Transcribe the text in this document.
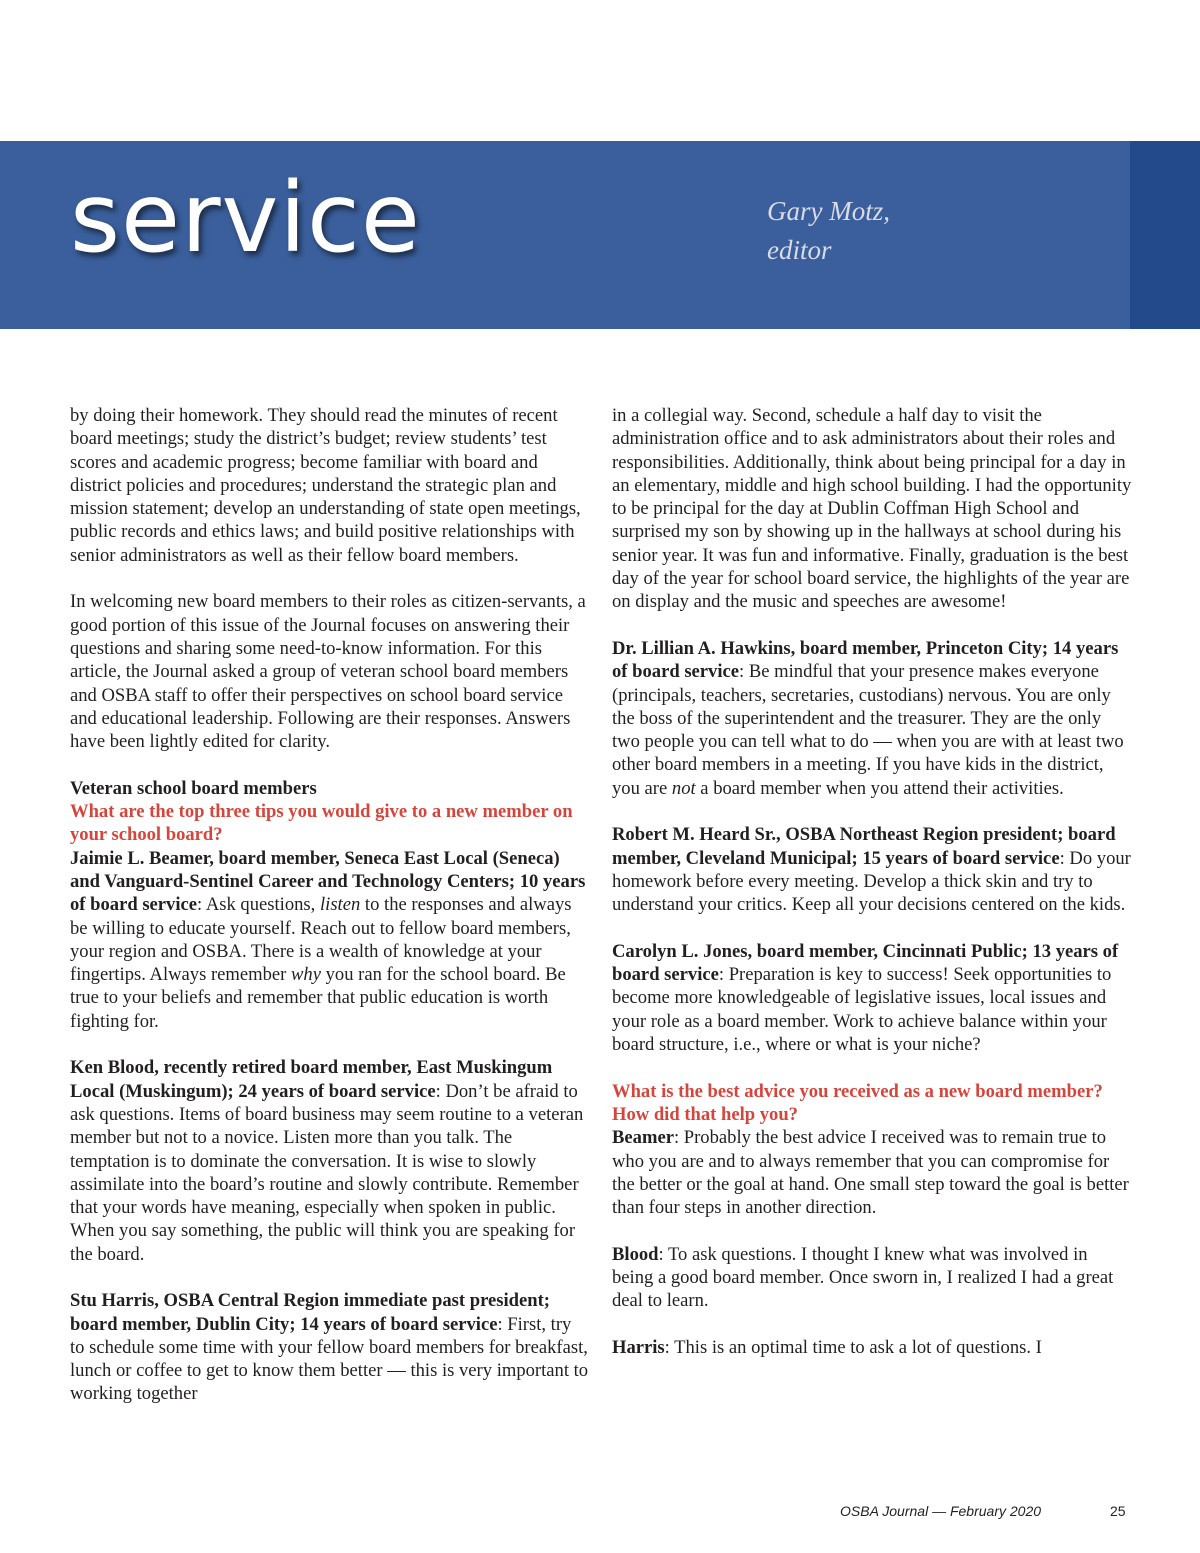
service	Gary Motz,
editor

by doing their homework. They should read the minutes of recent board meetings; study the district’s budget; review students’ test scores and academic progress; become familiar with board and district policies and procedures; understand the strategic plan and mission statement; develop an understanding of state open meetings, public records and ethics laws; and build positive relationships with senior administrators as well as their fellow board members.

In welcoming new board members to their roles as citizen-servants, a good portion of this issue of the Journal focuses on answering their questions and sharing some need-to-know information. For this article, the Journal asked a group of veteran school board members and OSBA staff to offer their perspectives on school board service and educational leadership. Following are their responses. Answers have been lightly edited for clarity.

Veteran school board members

What are the top three tips you would give to a new member on your school board?

Jaimie L. Beamer, board member, Seneca East Local (Seneca) and Vanguard-Sentinel Career and Technology Centers; 10 years of board service: Ask questions, listen to the responses and always be willing to educate yourself. Reach out to fellow board members, your region and OSBA. There is a wealth of knowledge at your fingertips. Always remember why you ran for the school board. Be true to your beliefs and remember that public education is worth fighting for.

Ken Blood, recently retired board member, East Muskingum Local (Muskingum); 24 years of board service: Don’t be afraid to ask questions. Items of board business may seem routine to a veteran member but not to a novice. Listen more than you talk. The temptation is to dominate the conversation. It is wise to slowly assimilate into the board’s routine and slowly contribute. Remember that your words have meaning, especially when spoken in public. When you say something, the public will think you are speaking for the board.

Stu Harris, OSBA Central Region immediate past president; board member, Dublin City; 14 years of board service: First, try to schedule some time with your fellow board members for breakfast, lunch or coffee to get to know them better — this is very important to working together

in a collegial way. Second, schedule a half day to visit the administration office and to ask administrators about their roles and responsibilities. Additionally, think about being principal for a day in an elementary, middle and high school building. I had the opportunity to be principal for the day at Dublin Coffman High School and surprised my son by showing up in the hallways at school during his senior year. It was fun and informative. Finally, graduation is the best day of the year for school board service, the highlights of the year are on display and the music and speeches are awesome!

Dr. Lillian A. Hawkins, board member, Princeton City; 14 years of board service: Be mindful that your presence makes everyone (principals, teachers, secretaries, custodians) nervous. You are only the boss of the superintendent and the treasurer. They are the only two people you can tell what to do — when you are with at least two other board members in a meeting. If you have kids in the district, you are not a board member when you attend their activities.

Robert M. Heard Sr., OSBA Northeast Region president; board member, Cleveland Municipal; 15 years of board service: Do your homework before every meeting. Develop a thick skin and try to understand your critics. Keep all your decisions centered on the kids.

Carolyn L. Jones, board member, Cincinnati Public; 13 years of board service: Preparation is key to success! Seek opportunities to become more knowledgeable of legislative issues, local issues and your role as a board member. Work to achieve balance within your board structure, i.e., where or what is your niche?

What is the best advice you received as a new board member? How did that help you?

Beamer: Probably the best advice I received was to remain true to who you are and to always remember that you can compromise for the better or the goal at hand. One small step toward the goal is better than four steps in another direction.

Blood: To ask questions. I thought I knew what was involved in being a good board member. Once sworn in, I realized I had a great deal to learn.

Harris: This is an optimal time to ask a lot of questions. I

OSBA Journal — February 2020	25
